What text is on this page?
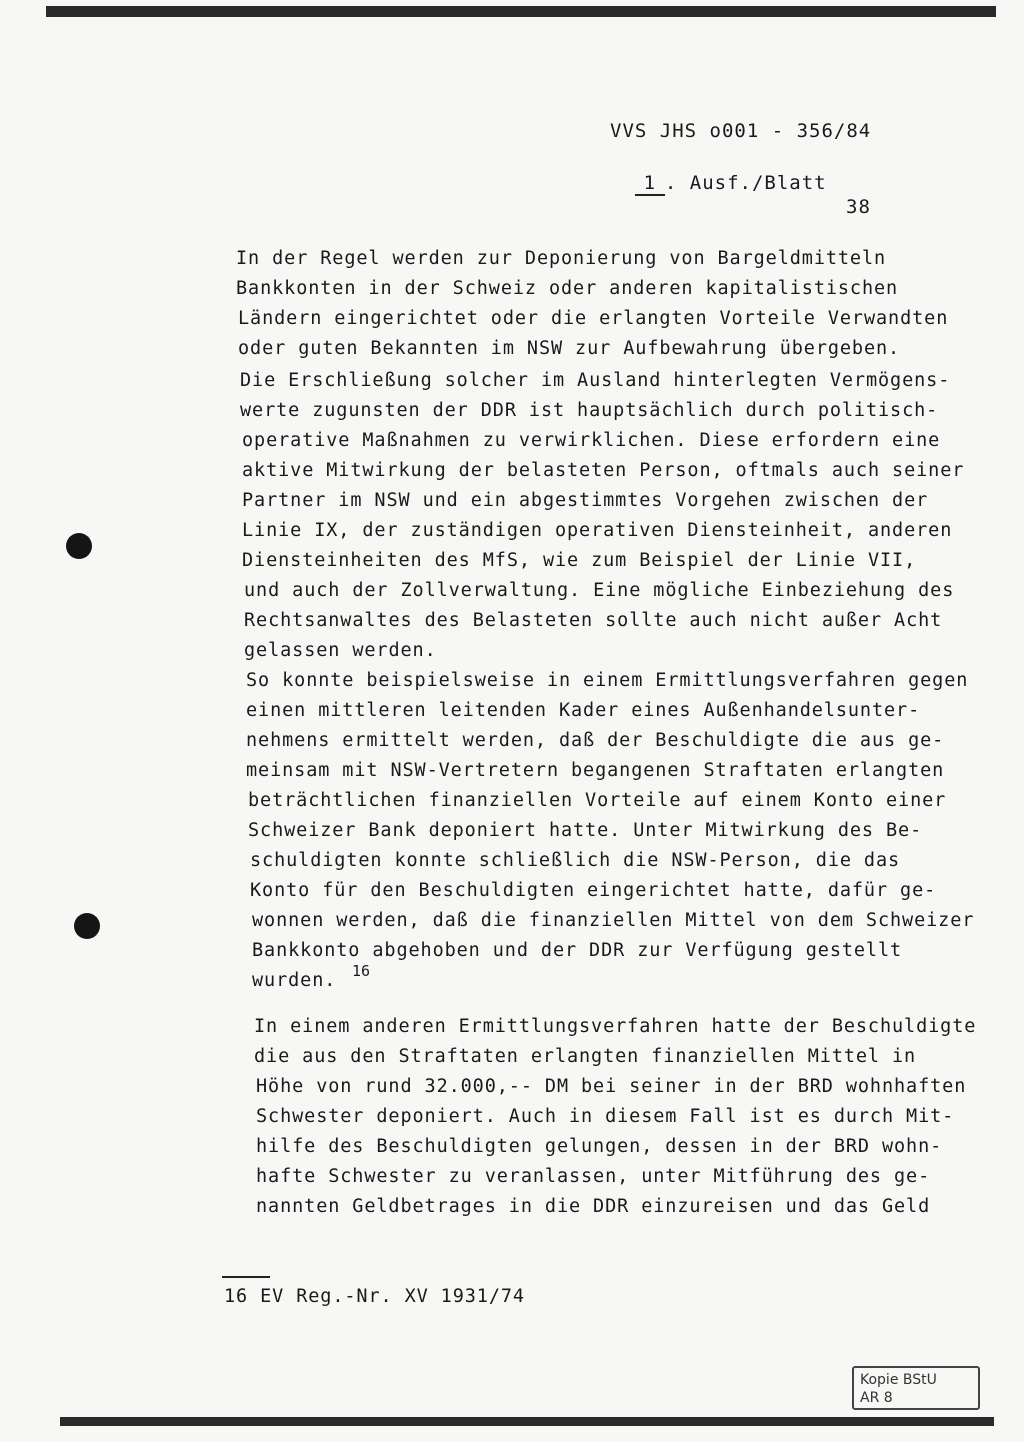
VVS JHS o001 - 356/84

1 . Ausf./Blatt

38

In der Regel werden zur Deponierung von Bargeldmitteln
Bankkonten in der Schweiz oder anderen kapitalistischen
Ländern eingerichtet oder die erlangten Vorteile Verwandten
oder guten Bekannten im NSW zur Aufbewahrung übergeben.
Die Erschließung solcher im Ausland hinterlegten Vermögens-
werte zugunsten der DDR ist hauptsächlich durch politisch-
operative Maßnahmen zu verwirklichen. Diese erfordern eine
aktive Mitwirkung der belasteten Person, oftmals auch seiner
Partner im NSW und ein abgestimmtes Vorgehen zwischen der
Linie IX, der zuständigen operativen Diensteinheit, anderen
Diensteinheiten des MfS, wie zum Beispiel der Linie VII,
und auch der Zollverwaltung. Eine mögliche Einbeziehung des
Rechtsanwaltes des Belasteten sollte auch nicht außer Acht
gelassen werden.
So konnte beispielsweise in einem Ermittlungsverfahren gegen
einen mittleren leitenden Kader eines Außenhandelsunter-
nehmens ermittelt werden, daß der Beschuldigte die aus ge-
meinsam mit NSW-Vertretern begangenen Straftaten erlangten
beträchtlichen finanziellen Vorteile auf einem Konto einer
Schweizer Bank deponiert hatte. Unter Mitwirkung des Be-
schuldigten konnte schließlich die NSW-Person, die das
Konto für den Beschuldigten eingerichtet hatte, dafür ge-
wonnen werden, daß die finanziellen Mittel von dem Schweizer
Bankkonto abgehoben und der DDR zur Verfügung gestellt
wurden.
In einem anderen Ermittlungsverfahren hatte der Beschuldigte
die aus den Straftaten erlangten finanziellen Mittel in
Höhe von rund 32.000,-- DM bei seiner in der BRD wohnhaften
Schwester deponiert. Auch in diesem Fall ist es durch Mit-
hilfe des Beschuldigten gelungen, dessen in der BRD wohn-
hafte Schwester zu veranlassen, unter Mitführung des ge-
nannten Geldbetrages in die DDR einzureisen und das Geld
16
16 EV Reg.-Nr. XV 1931/74
Kopie BStU
AR 8
